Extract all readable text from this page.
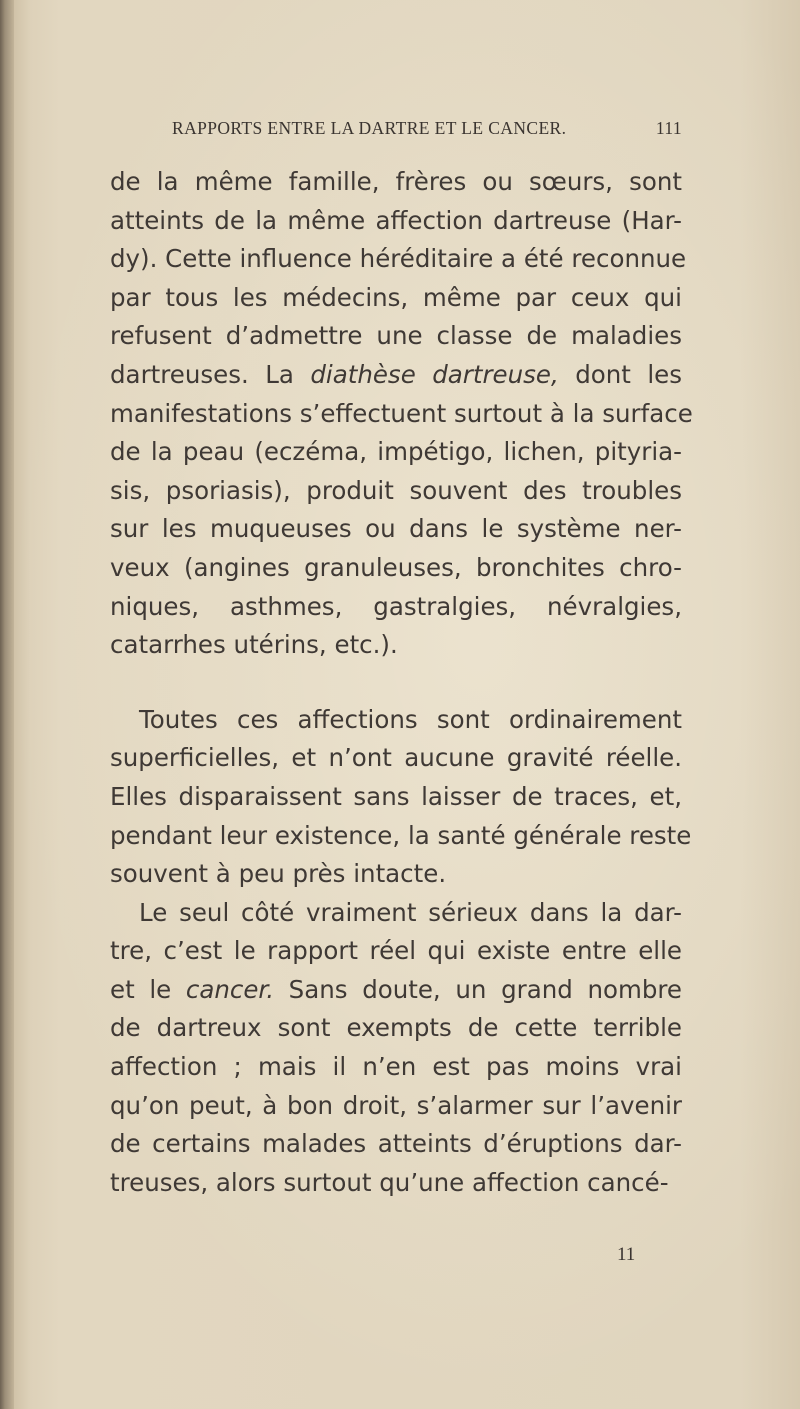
RAPPORTS ENTRE LA DARTRE ET LE CANCER.	111

de la même famille, frères ou sœurs, sont
atteints de la même affection dartreuse (Har-
dy). Cette influence héréditaire a été reconnue
par tous les médecins, même par ceux qui
refusent d’admettre une classe de maladies
dartreuses. La diathèse dartreuse, dont les
manifestations s’effectuent surtout à la surface
de la peau (eczéma, impétigo, lichen, pityria-
sis, psoriasis), produit souvent des troubles
sur les muqueuses ou dans le système ner-
veux (angines granuleuses, bronchites chro-
niques, asthmes, gastralgies, névralgies,
catarrhes utérins, etc.).

Toutes ces affections sont ordinairement
superficielles, et n’ont aucune gravité réelle.
Elles disparaissent sans laisser de traces, et,
pendant leur existence, la santé générale reste
souvent à peu près intacte.

Le seul côté vraiment sérieux dans la dar-
tre, c’est le rapport réel qui existe entre elle
et le cancer. Sans doute, un grand nombre
de dartreux sont exempts de cette terrible
affection ; mais il n’en est pas moins vrai
qu’on peut, à bon droit, s’alarmer sur l’avenir
de certains malades atteints d’éruptions dar-
treuses, alors surtout qu’une affection cancé-

11
